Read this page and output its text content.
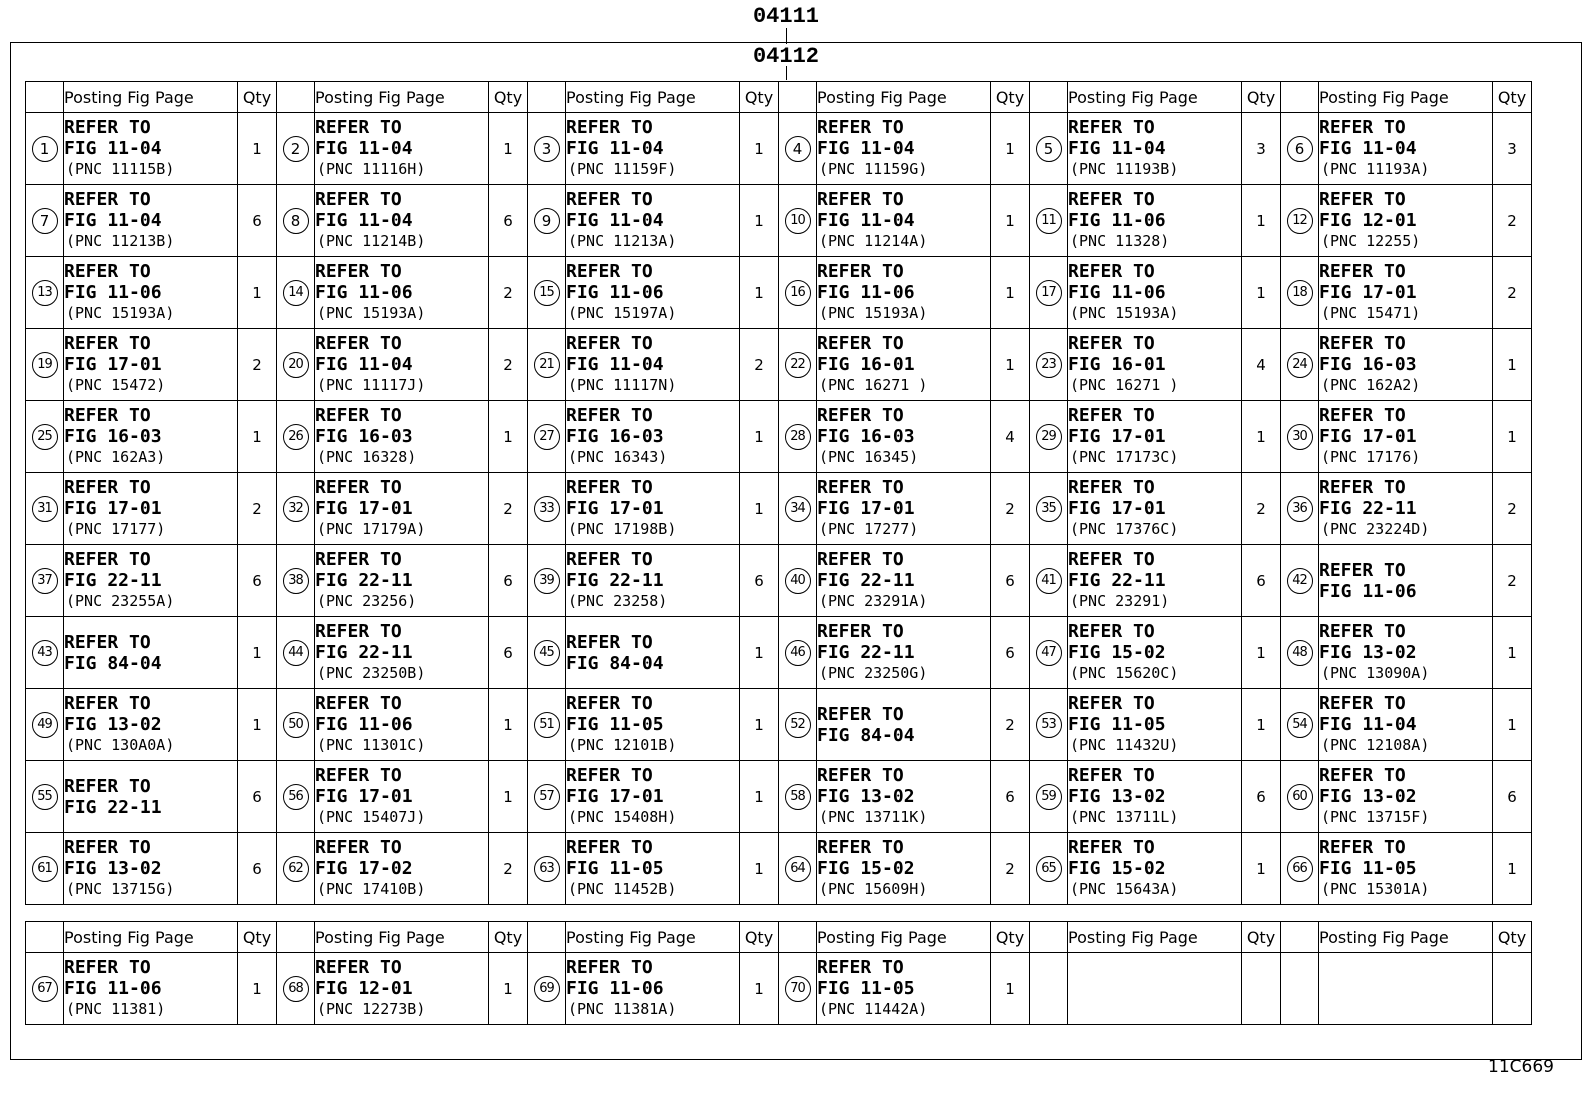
04111
04112
	Posting Fig Page	Qty		Posting Fig Page	Qty		Posting Fig Page	Qty		Posting Fig Page	Qty		Posting Fig Page	Qty		Posting Fig Page	Qty
1	REFER TO
FIG 11-04
(PNC 11115B)	1	2	REFER TO
FIG 11-04
(PNC 11116H)	1	3	REFER TO
FIG 11-04
(PNC 11159F)	1	4	REFER TO
FIG 11-04
(PNC 11159G)	1	5	REFER TO
FIG 11-04
(PNC 11193B)	3	6	REFER TO
FIG 11-04
(PNC 11193A)	3
7	REFER TO
FIG 11-04
(PNC 11213B)	6	8	REFER TO
FIG 11-04
(PNC 11214B)	6	9	REFER TO
FIG 11-04
(PNC 11213A)	1	10	REFER TO
FIG 11-04
(PNC 11214A)	1	11	REFER TO
FIG 11-06
(PNC 11328)	1	12	REFER TO
FIG 12-01
(PNC 12255)	2
13	REFER TO
FIG 11-06
(PNC 15193A)	1	14	REFER TO
FIG 11-06
(PNC 15193A)	2	15	REFER TO
FIG 11-06
(PNC 15197A)	1	16	REFER TO
FIG 11-06
(PNC 15193A)	1	17	REFER TO
FIG 11-06
(PNC 15193A)	1	18	REFER TO
FIG 17-01
(PNC 15471)	2
19	REFER TO
FIG 17-01
(PNC 15472)	2	20	REFER TO
FIG 11-04
(PNC 11117J)	2	21	REFER TO
FIG 11-04
(PNC 11117N)	2	22	REFER TO
FIG 16-01
(PNC 16271 )	1	23	REFER TO
FIG 16-01
(PNC 16271 )	4	24	REFER TO
FIG 16-03
(PNC 162A2)	1
25	REFER TO
FIG 16-03
(PNC 162A3)	1	26	REFER TO
FIG 16-03
(PNC 16328)	1	27	REFER TO
FIG 16-03
(PNC 16343)	1	28	REFER TO
FIG 16-03
(PNC 16345)	4	29	REFER TO
FIG 17-01
(PNC 17173C)	1	30	REFER TO
FIG 17-01
(PNC 17176)	1
31	REFER TO
FIG 17-01
(PNC 17177)	2	32	REFER TO
FIG 17-01
(PNC 17179A)	2	33	REFER TO
FIG 17-01
(PNC 17198B)	1	34	REFER TO
FIG 17-01
(PNC 17277)	2	35	REFER TO
FIG 17-01
(PNC 17376C)	2	36	REFER TO
FIG 22-11
(PNC 23224D)	2
37	REFER TO
FIG 22-11
(PNC 23255A)	6	38	REFER TO
FIG 22-11
(PNC 23256)	6	39	REFER TO
FIG 22-11
(PNC 23258)	6	40	REFER TO
FIG 22-11
(PNC 23291A)	6	41	REFER TO
FIG 22-11
(PNC 23291)	6	42	REFER TO
FIG 11-06	2
43	REFER TO
FIG 84-04	1	44	REFER TO
FIG 22-11
(PNC 23250B)	6	45	REFER TO
FIG 84-04	1	46	REFER TO
FIG 22-11
(PNC 23250G)	6	47	REFER TO
FIG 15-02
(PNC 15620C)	1	48	REFER TO
FIG 13-02
(PNC 13090A)	1
49	REFER TO
FIG 13-02
(PNC 130A0A)	1	50	REFER TO
FIG 11-06
(PNC 11301C)	1	51	REFER TO
FIG 11-05
(PNC 12101B)	1	52	REFER TO
FIG 84-04	2	53	REFER TO
FIG 11-05
(PNC 11432U)	1	54	REFER TO
FIG 11-04
(PNC 12108A)	1
55	REFER TO
FIG 22-11	6	56	REFER TO
FIG 17-01
(PNC 15407J)	1	57	REFER TO
FIG 17-01
(PNC 15408H)	1	58	REFER TO
FIG 13-02
(PNC 13711K)	6	59	REFER TO
FIG 13-02
(PNC 13711L)	6	60	REFER TO
FIG 13-02
(PNC 13715F)	6
61	REFER TO
FIG 13-02
(PNC 13715G)	6	62	REFER TO
FIG 17-02
(PNC 17410B)	2	63	REFER TO
FIG 11-05
(PNC 11452B)	1	64	REFER TO
FIG 15-02
(PNC 15609H)	2	65	REFER TO
FIG 15-02
(PNC 15643A)	1	66	REFER TO
FIG 11-05
(PNC 15301A)	1
	Posting Fig Page	Qty		Posting Fig Page	Qty		Posting Fig Page	Qty		Posting Fig Page	Qty		Posting Fig Page	Qty		Posting Fig Page	Qty
67	REFER TO
FIG 11-06
(PNC 11381)	1	68	REFER TO
FIG 12-01
(PNC 12273B)	1	69	REFER TO
FIG 11-06
(PNC 11381A)	1	70	REFER TO
FIG 11-05
(PNC 11442A)	1						
11C669
